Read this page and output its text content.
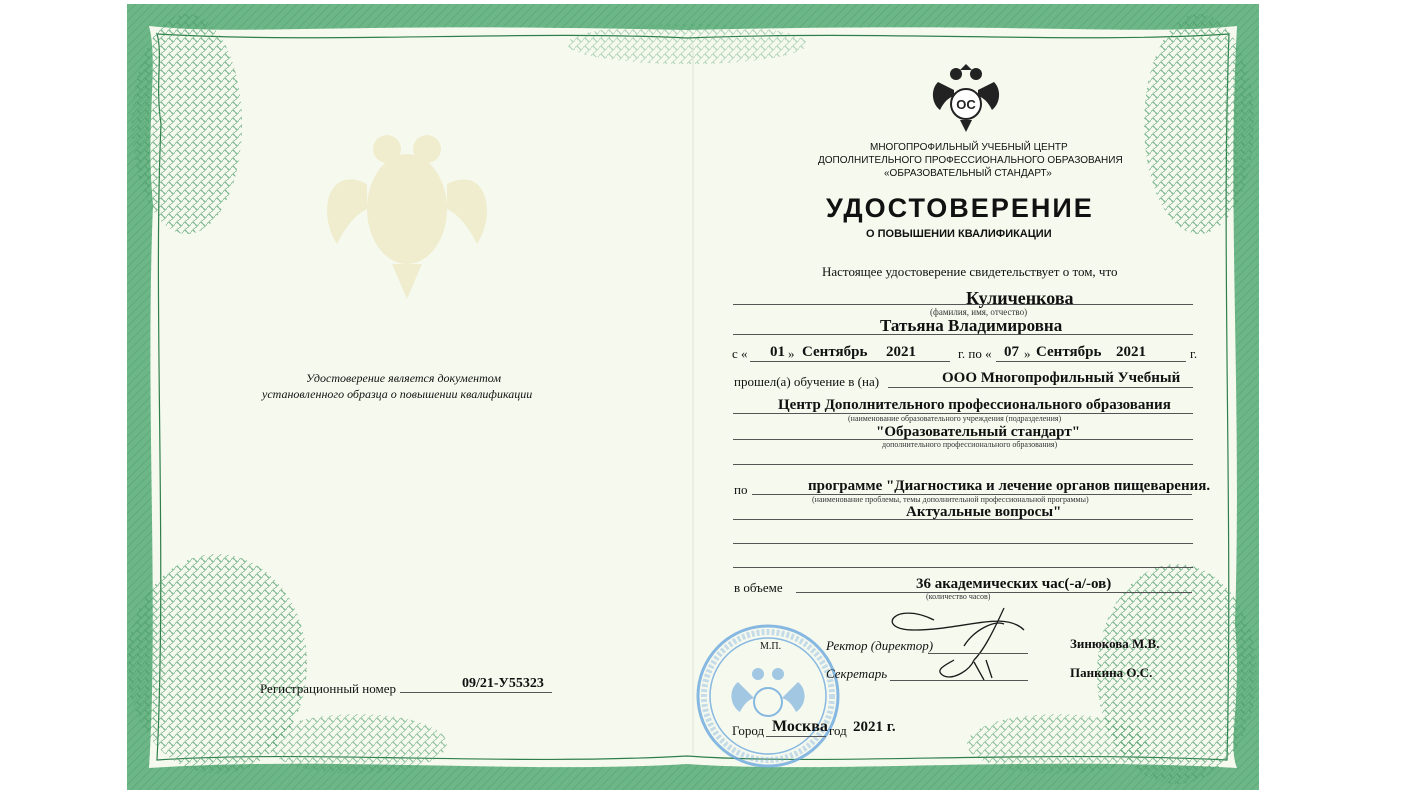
ОС
МНОГОПРОФИЛЬНЫЙ УЧЕБНЫЙ ЦЕНТР
ДОПОЛНИТЕЛЬНОГО ПРОФЕССИОНАЛЬНОГО ОБРАЗОВАНИЯ
«ОБРАЗОВАТЕЛЬНЫЙ СТАНДАРТ»
УДОСТОВЕРЕНИЕ
О ПОВЫШЕНИИ КВАЛИФИКАЦИИ
Настоящее удостоверение свидетельствует о том, что
Куличенкова
(фамилия, имя, отчество)
Татьяна Владимировна
с « 01 » Сентябрь 2021	г. по « 07 » Сентябрь 2021	г.
прошел(а) обучение в (на)	ООО Многопрофильный Учебный
Центр Дополнительного профессионального образования
(наименование образовательного учреждения (подразделения)
"Образовательный стандарт"
дополнительного профессионального образования)
по	программе "Диагностика и лечение органов пищеварения.
(наименование проблемы, темы дополнительной профессиональной программы)
Актуальные вопросы"
в объеме	36 академических час(-а/-ов)
(количество часов)
М.П.	Ректор (директор)	Зинюкова М.В.
Секретарь	Панкина О.С.
Город Москва год 2021 г.
Удостоверение является документом
установленного образца о повышении квалификации
Регистрационный номер	09/21-У55323
